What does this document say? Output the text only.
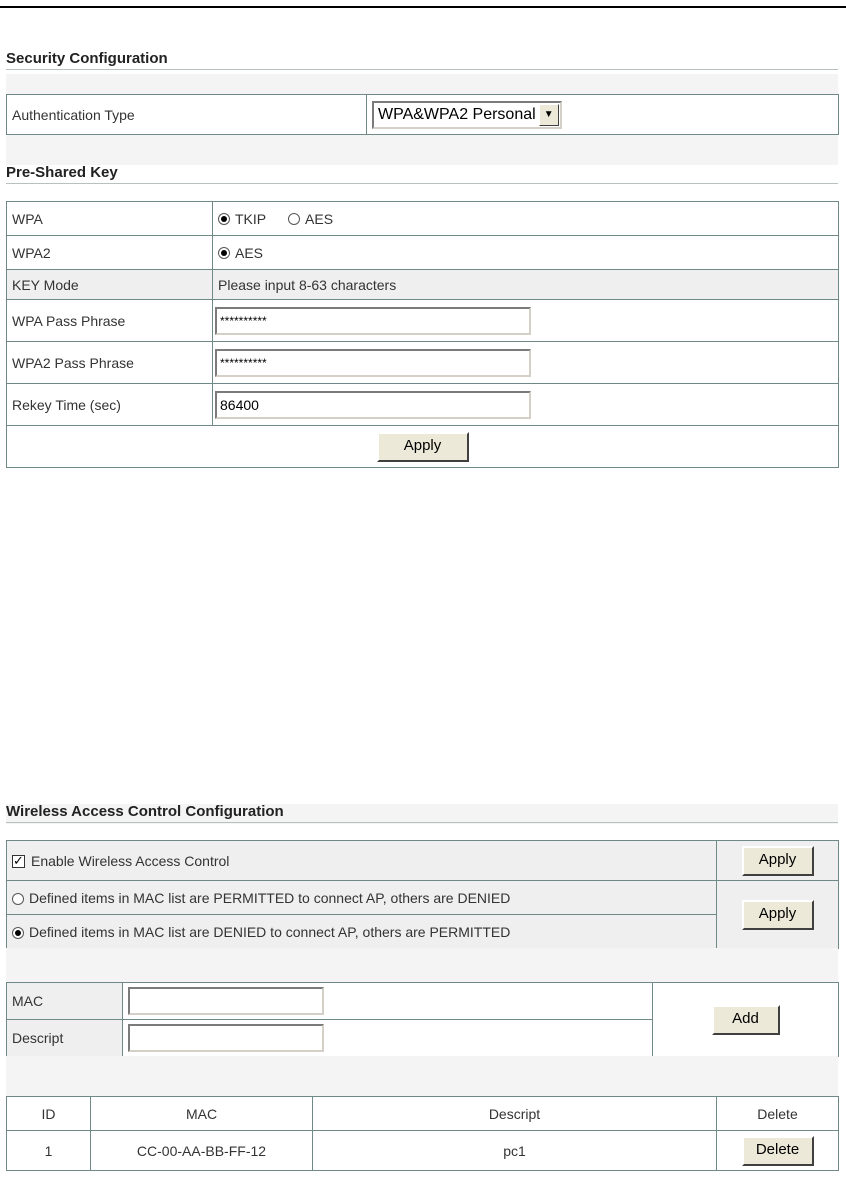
Security Configuration
Authentication Type	WPA&WPA2 Personal ▼
Pre-Shared Key
WPA	TKIP AES
WPA2	AES
KEY Mode	Please input 8-63 characters
WPA Pass Phrase	**********
WPA2 Pass Phrase	**********
Rekey Time (sec)	86400
Apply	
Wireless Access Control Configuration
✓ Enable Wireless Access Control	Apply
Defined items in MAC list are PERMITTED to connect AP, others are DENIED	Apply
Defined items in MAC list are DENIED to connect AP, others are PERMITTED	
MAC		Add
Descript		
ID	MAC	Descript	Delete
1	CC-00-AA-BB-FF-12	pc1	Delete
